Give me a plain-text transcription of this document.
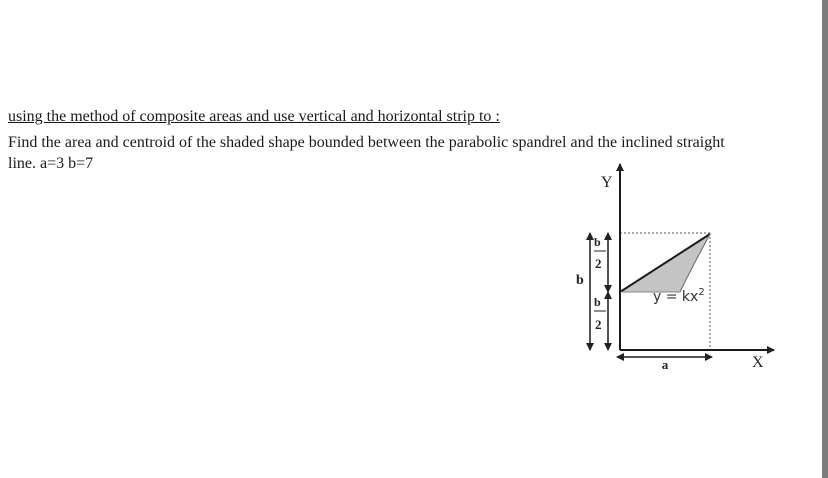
using the method of composite areas and use vertical and horizontal strip to :
Find the area and centroid of the shaded shape bounded between the parabolic spandrel and the inclined straight
line. a=3 b=7
Y
X
a
b
b
2
b
2
$y = kx^2$
